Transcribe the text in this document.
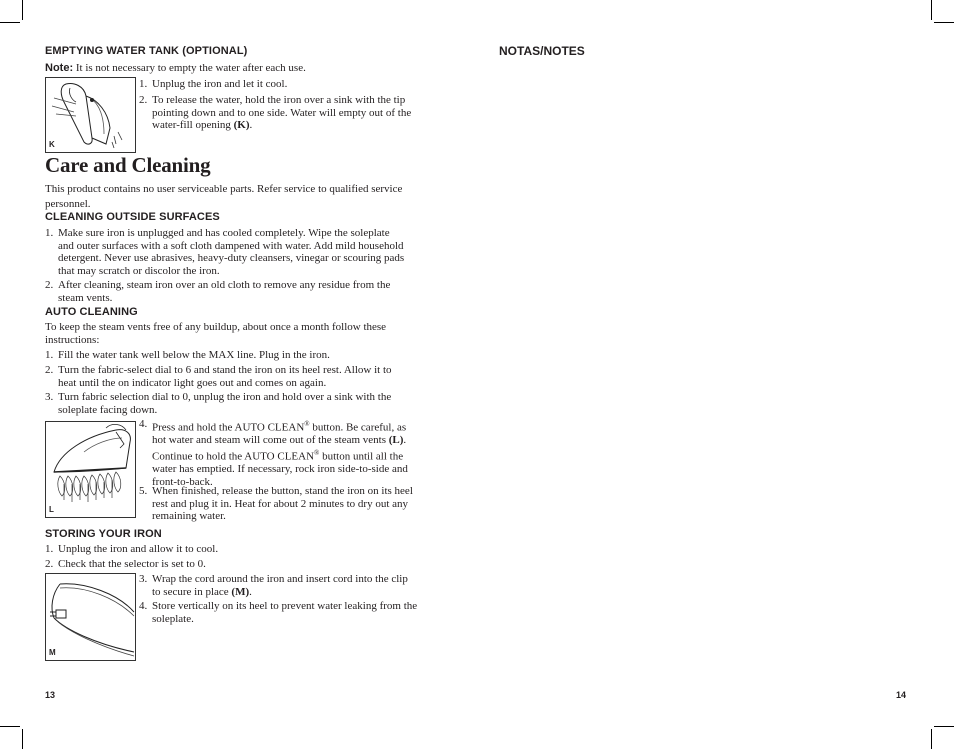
EMPTYING WATER TANK (OPTIONAL)
Note: It is not necessary to empty the water after each use.
K
1. Unplug the iron and let it cool.
2. To release the water, hold the iron over a sink with the tip
pointing down and to one side. Water will empty out of the
water-fill opening (K).
Care and Cleaning
This product contains no user serviceable parts. Refer service to qualified service
personnel.
CLEANING OUTSIDE SURFACES
1. Make sure iron is unplugged and has cooled completely. Wipe the soleplate
and outer surfaces with a soft cloth dampened with water. Add mild household
detergent. Never use abrasives, heavy-duty cleansers, vinegar or scouring pads
that may scratch or discolor the iron.
2. After cleaning, steam iron over an old cloth to remove any residue from the
steam vents.
AUTO CLEANING
To keep the steam vents free of any buildup, about once a month follow these
instructions:
1. Fill the water tank well below the MAX line. Plug in the iron.
2. Turn the fabric-select dial to 6 and stand the iron on its heel rest. Allow it to
heat until the on indicator light goes out and comes on again.
3. Turn fabric selection dial to 0, unplug the iron and hold over a sink with the
soleplate facing down.
L
4. Press and hold the AUTO CLEAN® button. Be careful, as
hot water and steam will come out of the steam vents (L).
Continue to hold the AUTO CLEAN® button until all the
water has emptied. If necessary, rock iron side-to-side and
front-to-back.
5. When finished, release the button, stand the iron on its heel
rest and plug it in. Heat for about 2 minutes to dry out any
remaining water.
STORING YOUR IRON
1. Unplug the iron and allow it to cool.
2. Check that the selector is set to 0.
M
3. Wrap the cord around the iron and insert cord into the clip
to secure in place (M).
4. Store vertically on its heel to prevent water leaking from the
soleplate.
13
NOTAS/NOTES
14
